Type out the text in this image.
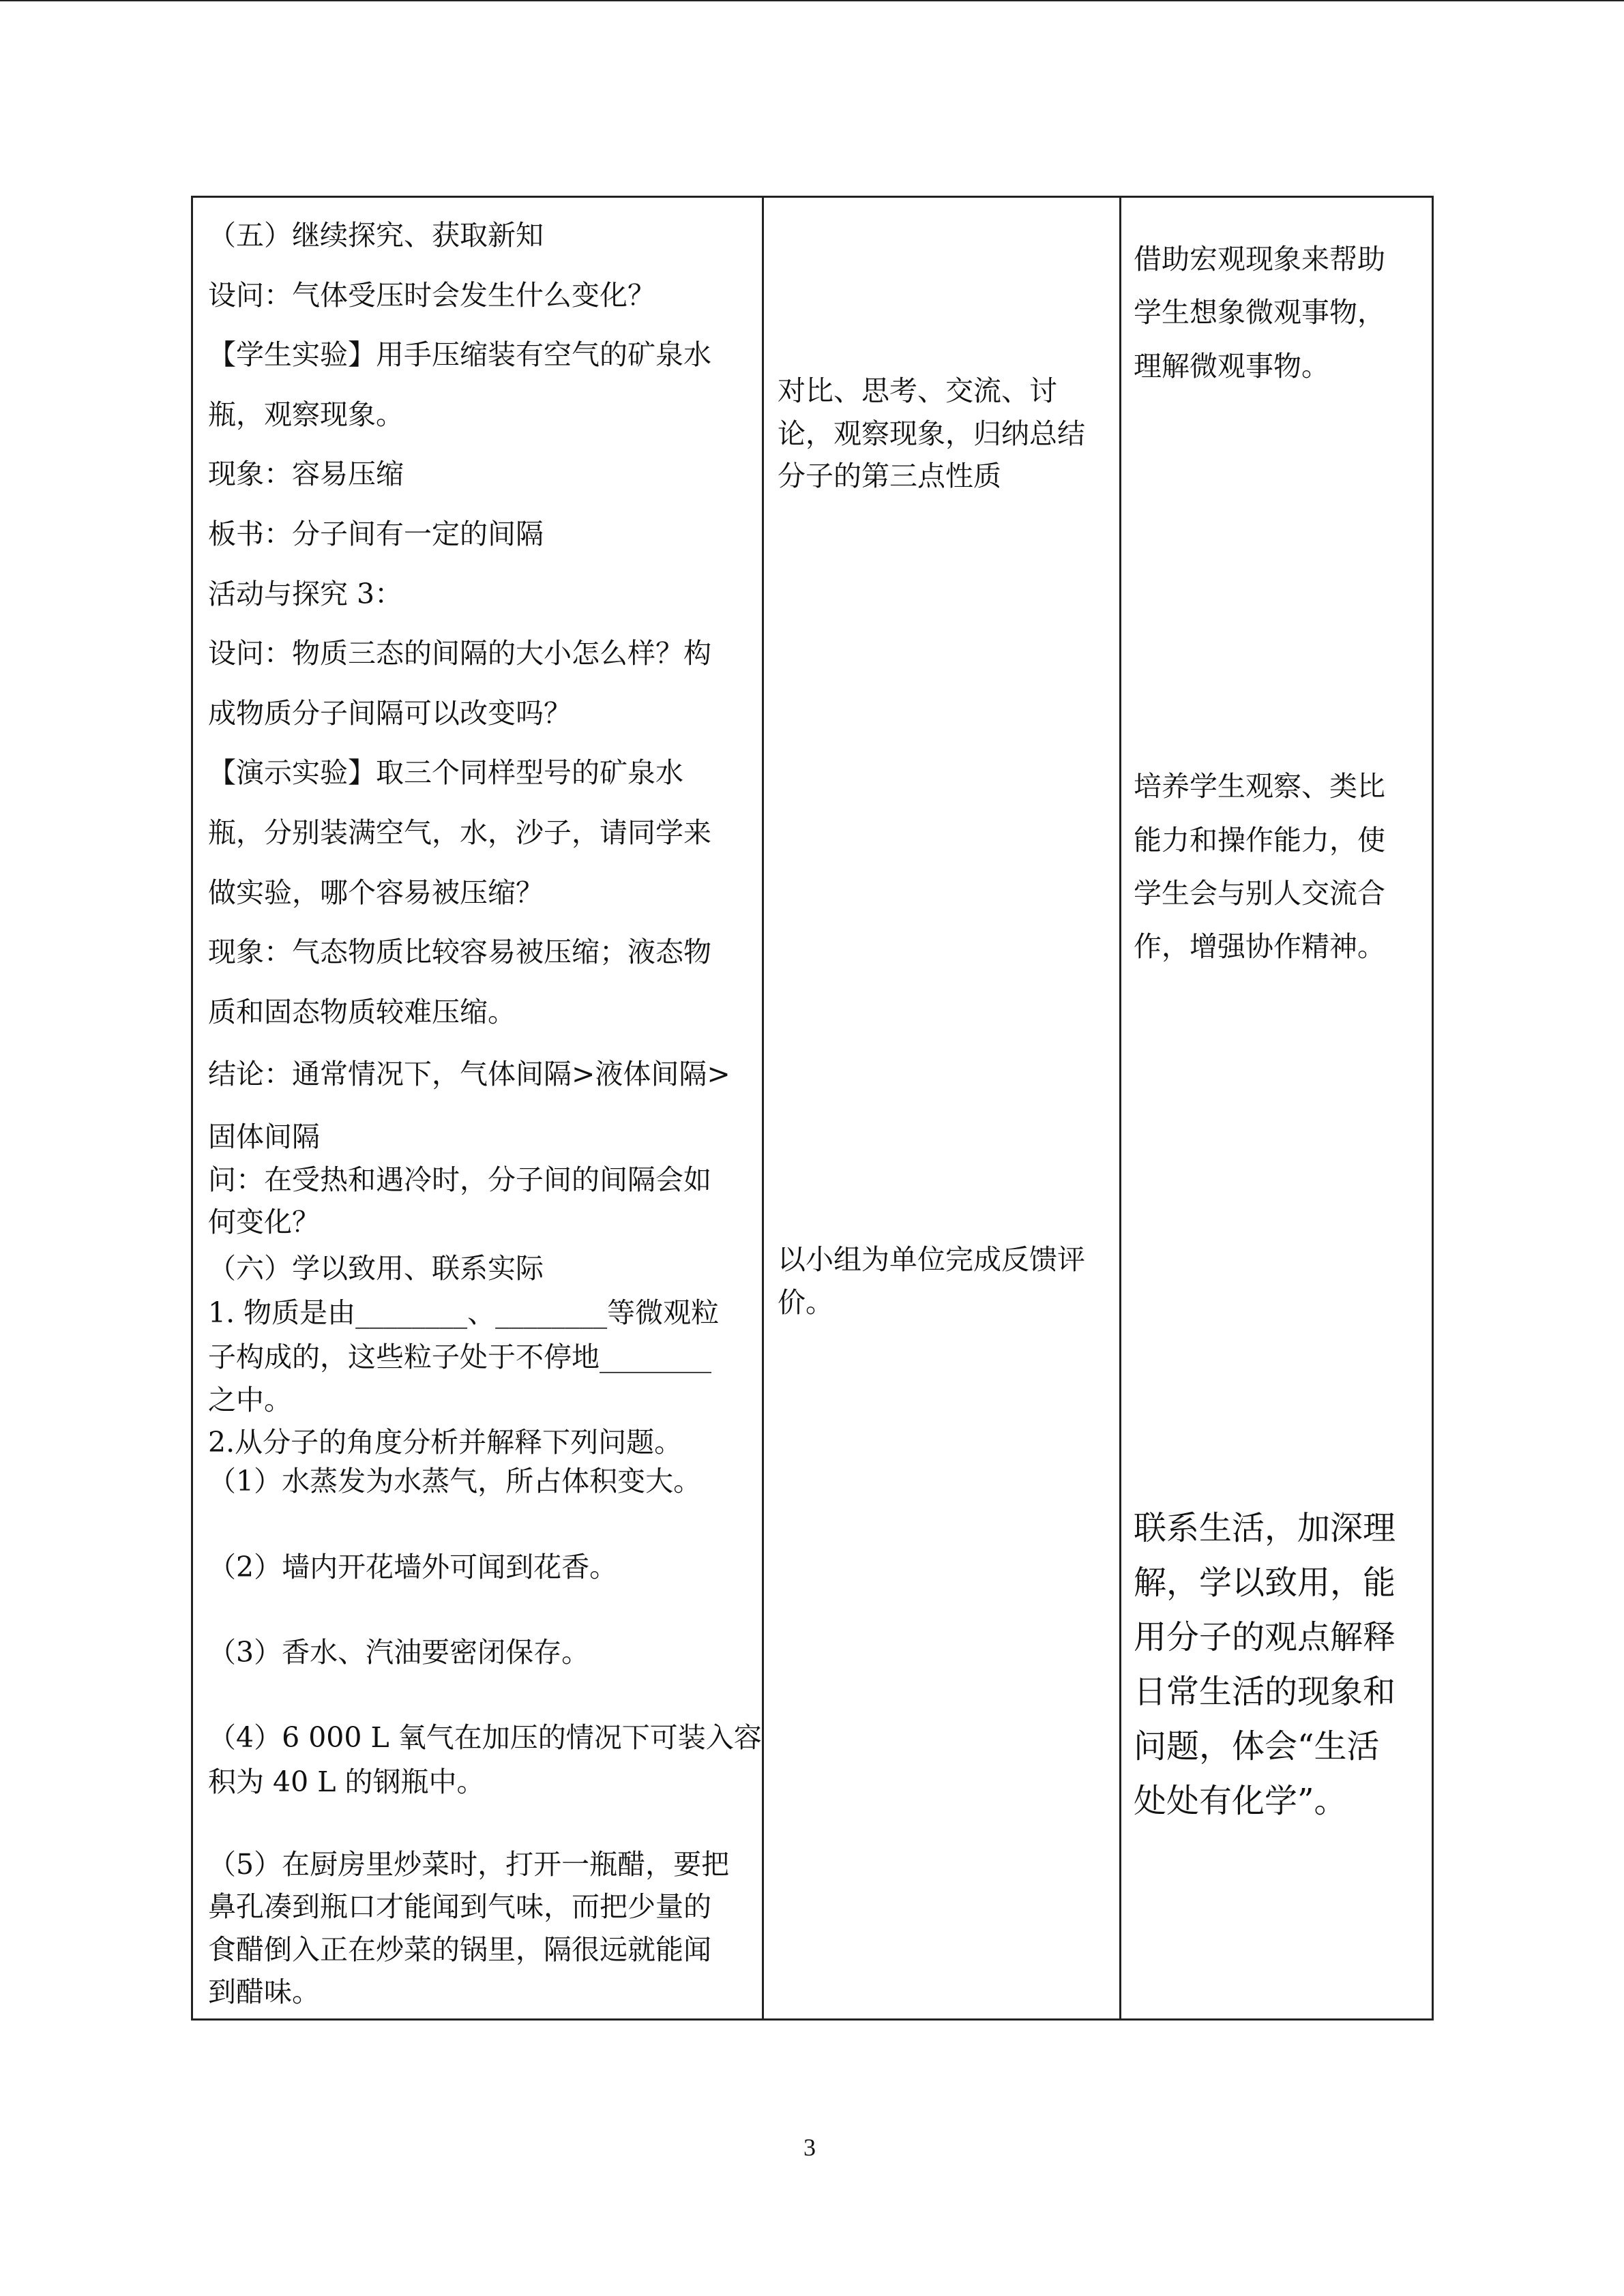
（五）继续探究、获取新知
设问：气体受压时会发生什么变化？
【学生实验】用手压缩装有空气的矿泉水
瓶，观察现象。
现象：容易压缩
板书：分子间有一定的间隔
活动与探究 3：
设问：物质三态的间隔的大小怎么样？构
成物质分子间隔可以改变吗？
【演示实验】取三个同样型号的矿泉水
瓶，分别装满空气，水，沙子，请同学来
做实验，哪个容易被压缩？
现象：气态物质比较容易被压缩；液态物
质和固态物质较难压缩。
结论：通常情况下，气体间隔>液体间隔>
固体间隔
问：在受热和遇冷时，分子间的间隔会如
何变化？
（六）学以致用、联系实际
1. 物质是由________、________等微观粒
子构成的，这些粒子处于不停地________
之中。
2.从分子的角度分析并解释下列问题。
（1）水蒸发为水蒸气，所占体积变大。
（2）墙内开花墙外可闻到花香。
（3）香水、汽油要密闭保存。
（4）6 000 L 氧气在加压的情况下可装入容
积为 40 L 的钢瓶中。
（5）在厨房里炒菜时，打开一瓶醋，要把
鼻孔凑到瓶口才能闻到气味，而把少量的
食醋倒入正在炒菜的锅里，隔很远就能闻
到醋味。
对比、思考、交流、讨
论，观察现象，归纳总结
分子的第三点性质
以小组为单位完成反馈评
价。
借助宏观现象来帮助
学生想象微观事物，
理解微观事物。
培养学生观察、类比
能力和操作能力，使
学生会与别人交流合
作，增强协作精神。
联系生活，加深理
解，学以致用，能
用分子的观点解释
日常生活的现象和
问题，体会“生活
处处有化学”。
3
